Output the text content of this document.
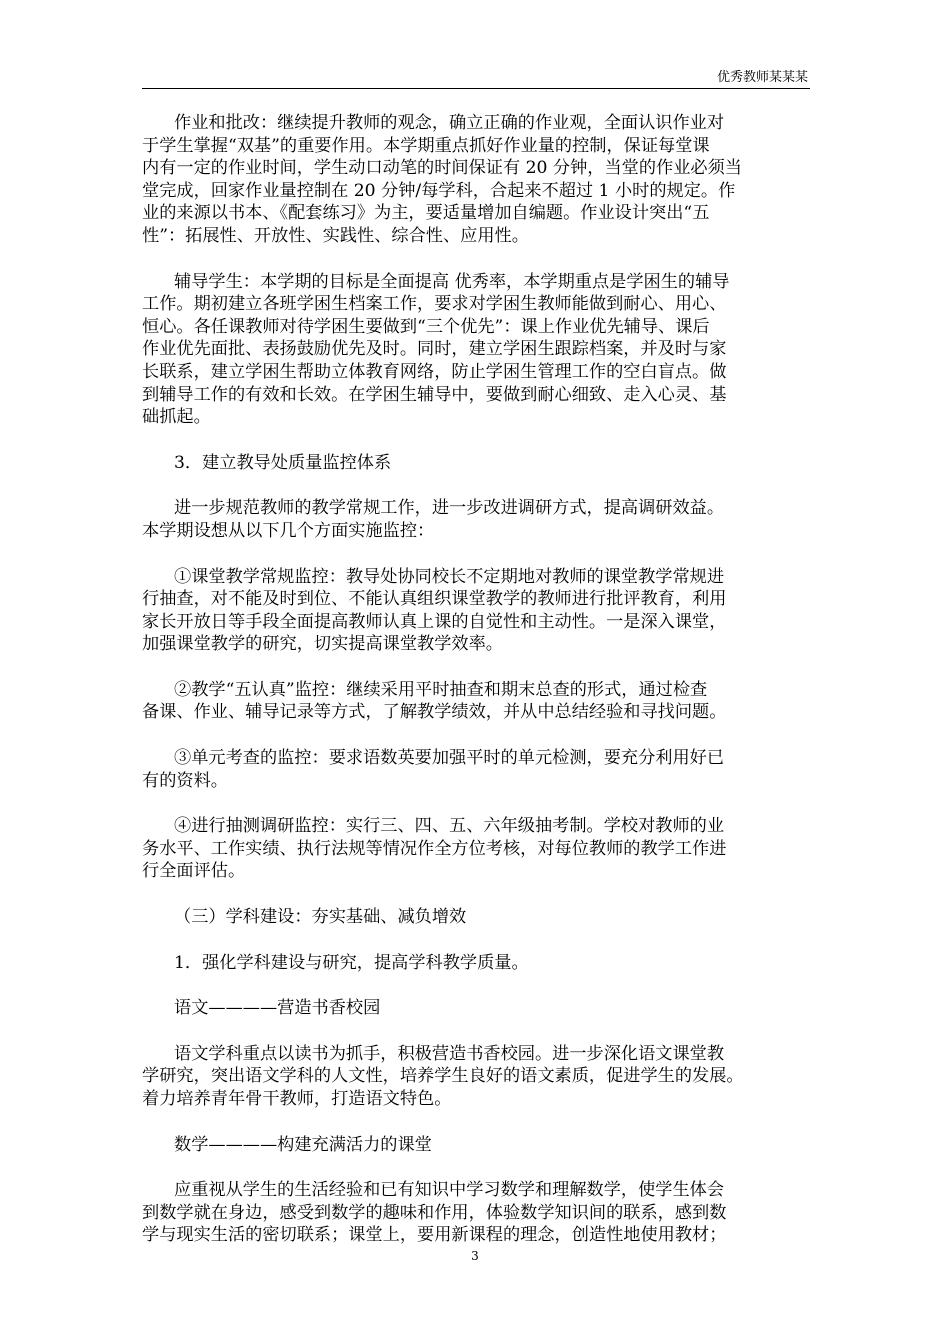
优秀教师某某某
作业和批改：继续提升教师的观念，确立正确的作业观，全面认识作业对
于学生掌握“双基”的重要作用。本学期重点抓好作业量的控制，保证每堂课
内有一定的作业时间，学生动口动笔的时间保证有 20 分钟，当堂的作业必须当
堂完成，回家作业量控制在 20 分钟/每学科，合起来不超过 1 小时的规定。作
业的来源以书本、《配套练习》为主，要适量增加自编题。作业设计突出“五
性”：拓展性、开放性、实践性、综合性、应用性。
辅导学生：本学期的目标是全面提高 优秀率，本学期重点是学困生的辅导
工作。期初建立各班学困生档案工作，要求对学困生教师能做到耐心、用心、
恒心。各任课教师对待学困生要做到“三个优先”：课上作业优先辅导、课后
作业优先面批、表扬鼓励优先及时。同时，建立学困生跟踪档案，并及时与家
长联系，建立学困生帮助立体教育网络，防止学困生管理工作的空白盲点。做
到辅导工作的有效和长效。在学困生辅导中，要做到耐心细致、走入心灵、基
础抓起。
3．建立教导处质量监控体系
进一步规范教师的教学常规工作，进一步改进调研方式，提高调研效益。
本学期设想从以下几个方面实施监控：
①课堂教学常规监控：教导处协同校长不定期地对教师的课堂教学常规进
行抽查，对不能及时到位、不能认真组织课堂教学的教师进行批评教育，利用
家长开放日等手段全面提高教师认真上课的自觉性和主动性。一是深入课堂，
加强课堂教学的研究，切实提高课堂教学效率。
②教学“五认真”监控：继续采用平时抽查和期末总查的形式，通过检查
备课、作业、辅导记录等方式，了解教学绩效，并从中总结经验和寻找问题。
③单元考查的监控：要求语数英要加强平时的单元检测，要充分利用好已
有的资料。
④进行抽测调研监控：实行三、四、五、六年级抽考制。学校对教师的业
务水平、工作实绩、执行法规等情况作全方位考核，对每位教师的教学工作进
行全面评估。
（三）学科建设：夯实基础、减负增效
1．强化学科建设与研究，提高学科教学质量。
语文————营造书香校园
语文学科重点以读书为抓手，积极营造书香校园。进一步深化语文课堂教
学研究，突出语文学科的人文性，培养学生良好的语文素质，促进学生的发展。
着力培养青年骨干教师，打造语文特色。
数学————构建充满活力的课堂
应重视从学生的生活经验和已有知识中学习数学和理解数学，使学生体会
到数学就在身边，感受到数学的趣味和作用，体验数学知识间的联系，感到数
学与现实生活的密切联系；课堂上，要用新课程的理念，创造性地使用教材；
3
